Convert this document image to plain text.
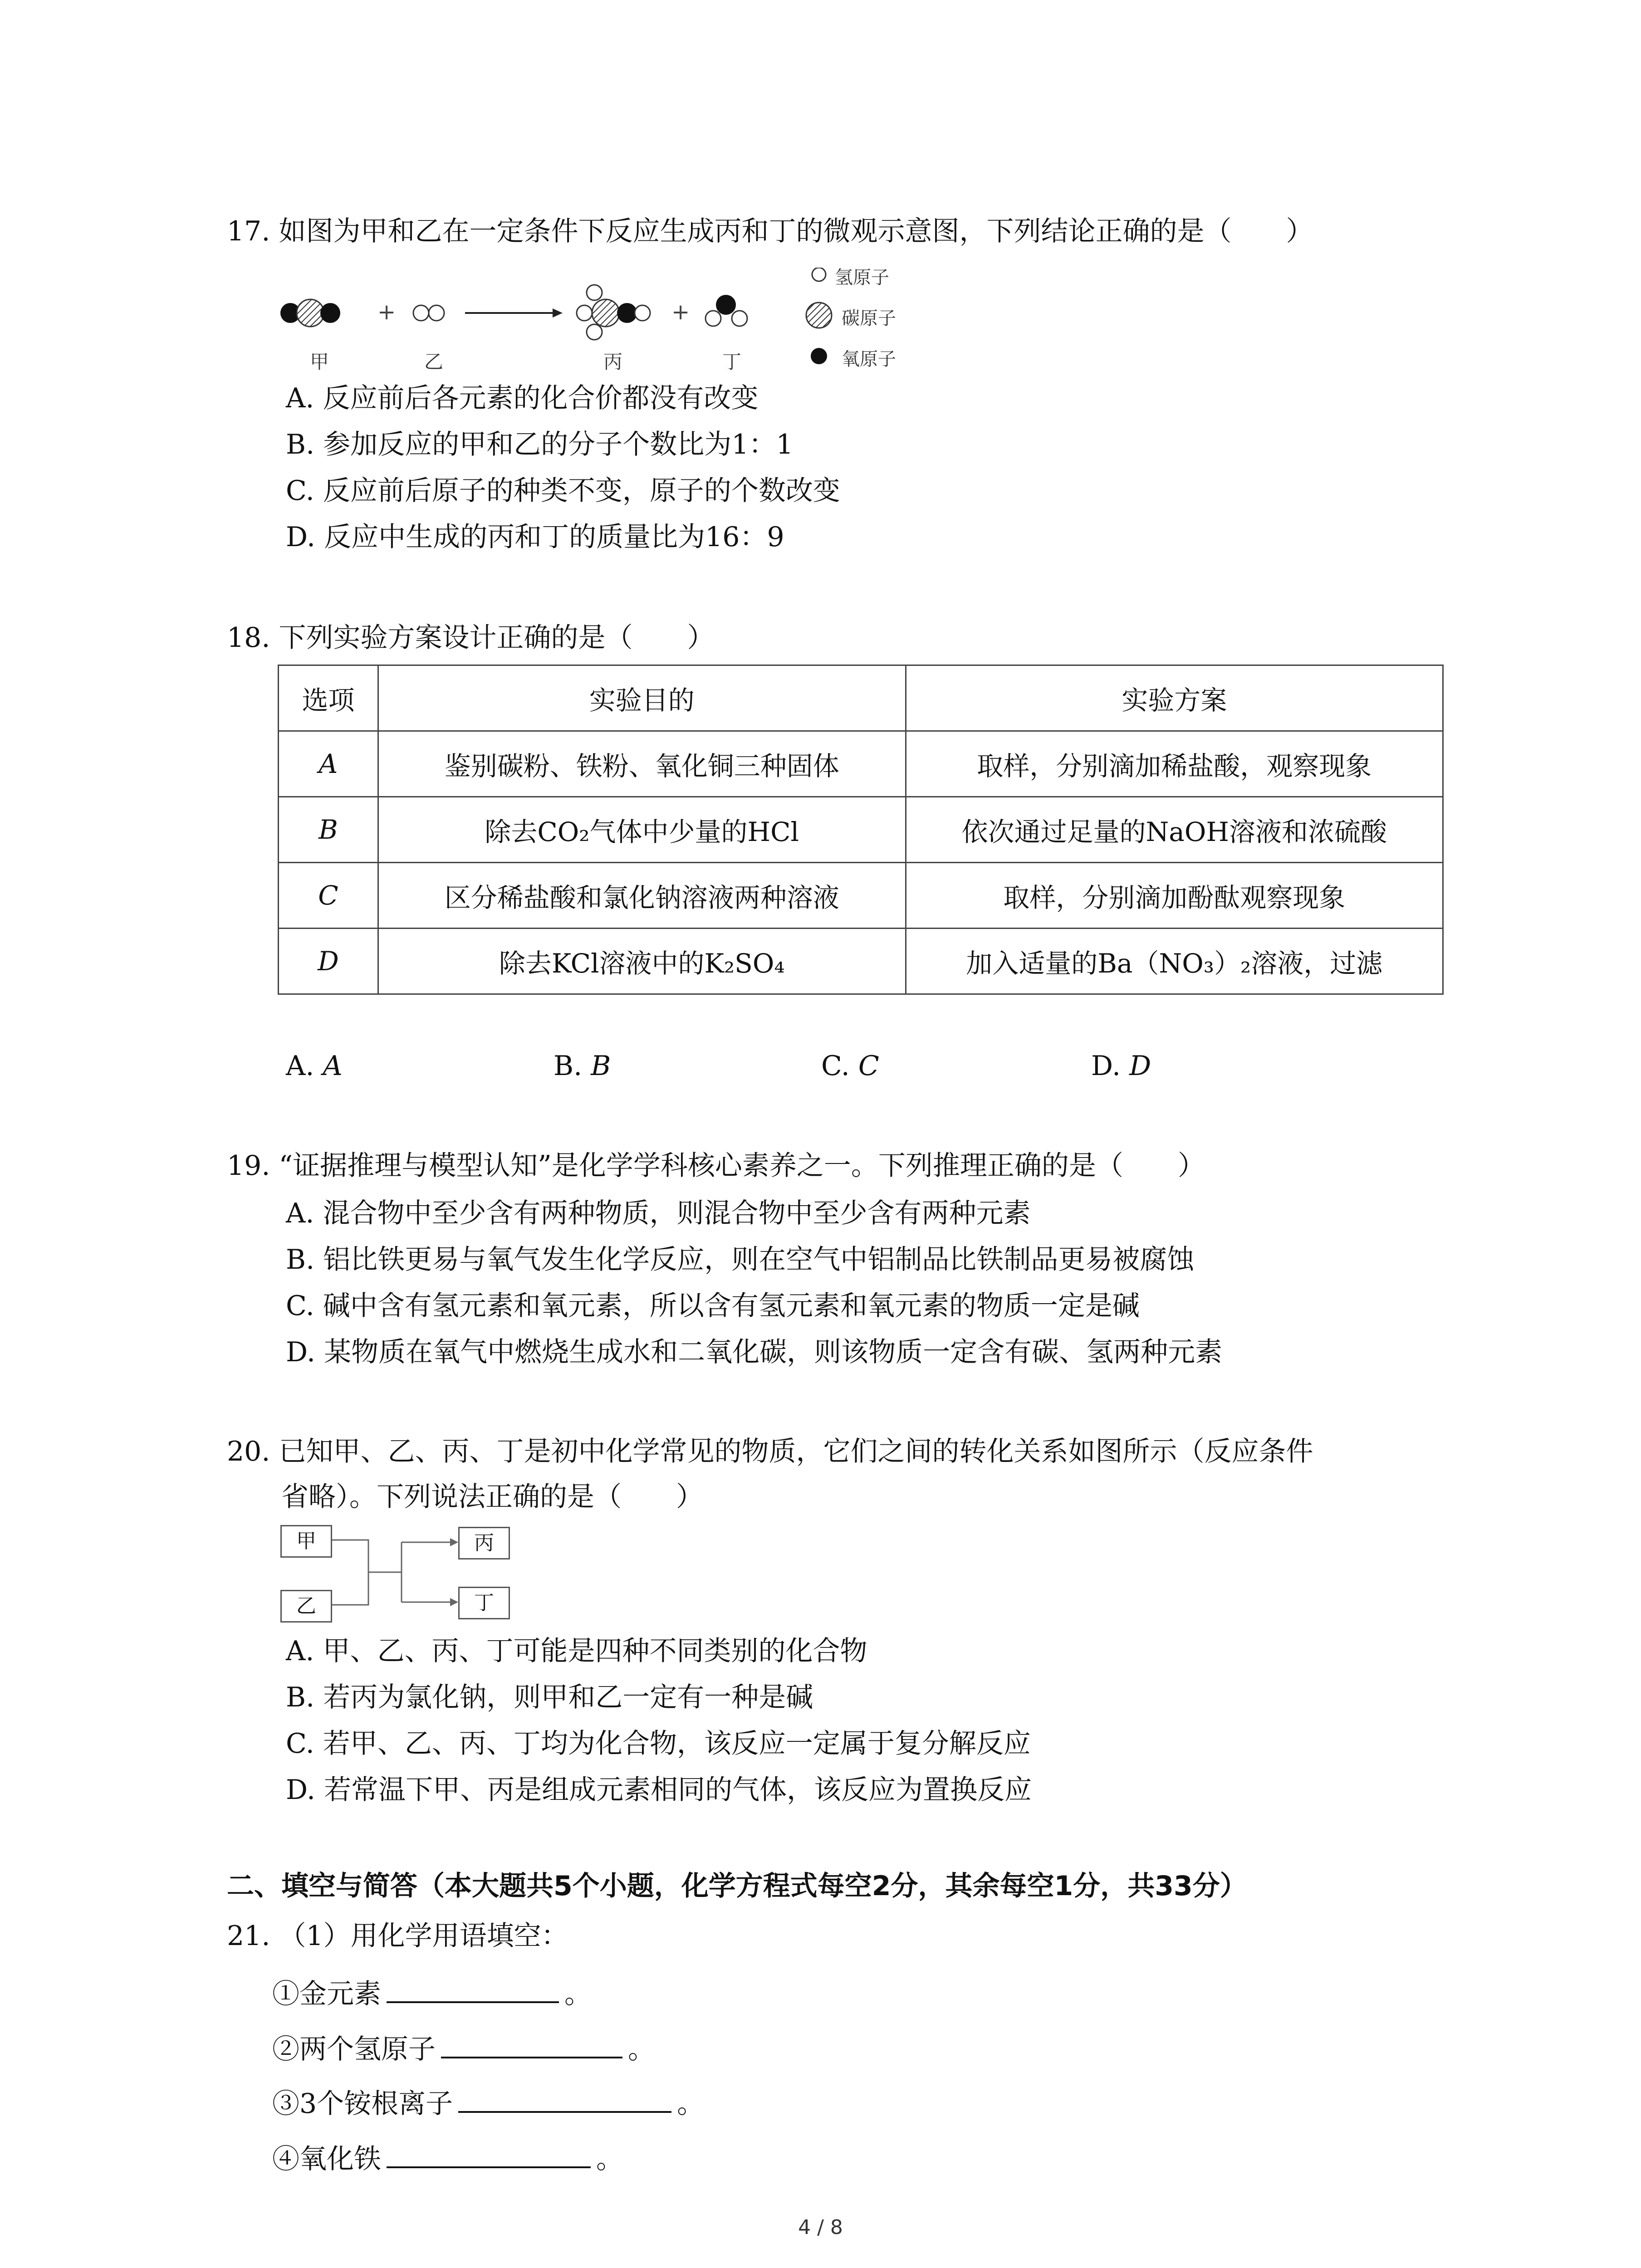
17. 如图为甲和乙在一定条件下反应生成丙和丁的微观示意图，下列结论正确的是（　　）
+	+
氢原子
碳原子
氧原子
甲	乙	丙	丁
A. 反应前后各元素的化合价都没有改变
B. 参加反应的甲和乙的分子个数比为1：1
C. 反应前后原子的种类不变，原子的个数改变
D. 反应中生成的丙和丁的质量比为16：9
18. 下列实验方案设计正确的是（　　）
选项	实验目的	实验方案
A	鉴别碳粉、铁粉、氧化铜三种固体	取样，分别滴加稀盐酸，观察现象
B	除去CO₂气体中少量的HCl	依次通过足量的NaOH溶液和浓硫酸
C	区分稀盐酸和氯化钠溶液两种溶液	取样，分别滴加酚酞观察现象
D	除去KCl溶液中的K₂SO₄	加入适量的Ba（NO₃）₂溶液，过滤
A. A	B. B	C. C	D. D
19. “证据推理与模型认知”是化学学科核心素养之一。下列推理正确的是（　　）
A. 混合物中至少含有两种物质，则混合物中至少含有两种元素
B. 铝比铁更易与氧气发生化学反应，则在空气中铝制品比铁制品更易被腐蚀
C. 碱中含有氢元素和氧元素，所以含有氢元素和氧元素的物质一定是碱
D. 某物质在氧气中燃烧生成水和二氧化碳，则该物质一定含有碳、氢两种元素
20. 已知甲、乙、丙、丁是初中化学常见的物质，它们之间的转化关系如图所示（反应条件
省略）。下列说法正确的是（　　）
甲
乙
丙
丁
A. 甲、乙、丙、丁可能是四种不同类别的化合物
B. 若丙为氯化钠，则甲和乙一定有一种是碱
C. 若甲、乙、丙、丁均为化合物，该反应一定属于复分解反应
D. 若常温下甲、丙是组成元素相同的气体，该反应为置换反应
二、填空与简答（本大题共5个小题，化学方程式每空2分，其余每空1分，共33分）
21. （1）用化学用语填空：
①金元素	。
②两个氢原子	。
③3个铵根离子	。
④氧化铁	。
4 / 8
